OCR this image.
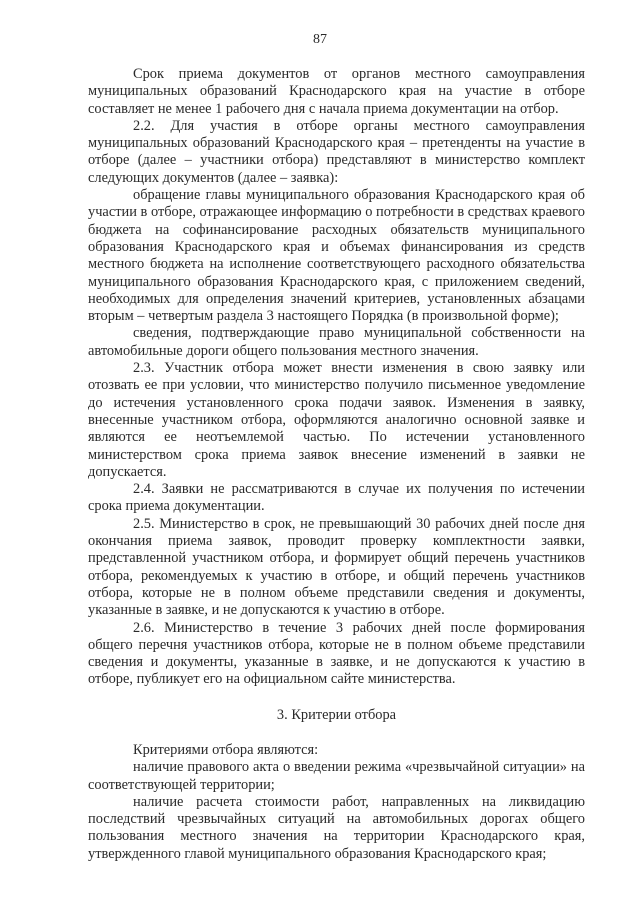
87

Срок приема документов от органов местного самоуправления муниципальных образований Краснодарского края на участие в отборе составляет не менее 1 рабочего дня с начала приема документации на отбор.

2.2. Для участия в отборе органы местного самоуправления муниципальных образований Краснодарского края – претенденты на участие в отборе (далее – участники отбора) представляют в министерство комплект следующих документов (далее – заявка):

обращение главы муниципального образования Краснодарского края об участии в отборе, отражающее информацию о потребности в средствах краевого бюджета на софинансирование расходных обязательств муниципального образования Краснодарского края и объемах финансирования из средств местного бюджета на исполнение соответствующего расходного обязательства муниципального образования Краснодарского края, с приложением сведений, необходимых для определения значений критериев, установленных абзацами вторым – четвертым раздела 3 настоящего Порядка (в произвольной форме);

сведения, подтверждающие право муниципальной собственности на автомобильные дороги общего пользования местного значения.

2.3. Участник отбора может внести изменения в свою заявку или отозвать ее при условии, что министерство получило письменное уведомление до истечения установленного срока подачи заявок. Изменения в заявку, внесенные участником отбора, оформляются аналогично основной заявке и являются ее неотъемлемой частью. По истечении установленного министерством срока приема заявок внесение изменений в заявки не допускается.

2.4. Заявки не рассматриваются в случае их получения по истечении срока приема документации.

2.5. Министерство в срок, не превышающий 30 рабочих дней после дня окончания приема заявок, проводит проверку комплектности заявки, представленной участником отбора, и формирует общий перечень участников отбора, рекомендуемых к участию в отборе, и общий перечень участников отбора, которые не в полном объеме представили сведения и документы, указанные в заявке, и не допускаются к участию в отборе.

2.6. Министерство в течение 3 рабочих дней после формирования общего перечня участников отбора, которые не в полном объеме представили сведения и документы, указанные в заявке, и не допускаются к участию в отборе, публикует его на официальном сайте министерства.

3. Критерии отбора

Критериями отбора являются:

наличие правового акта о введении режима «чрезвычайной ситуации» на соответствующей территории;

наличие расчета стоимости работ, направленных на ликвидацию последствий чрезвычайных ситуаций на автомобильных дорогах общего пользования местного значения на территории Краснодарского края, утвержденного главой муниципального образования Краснодарского края;
